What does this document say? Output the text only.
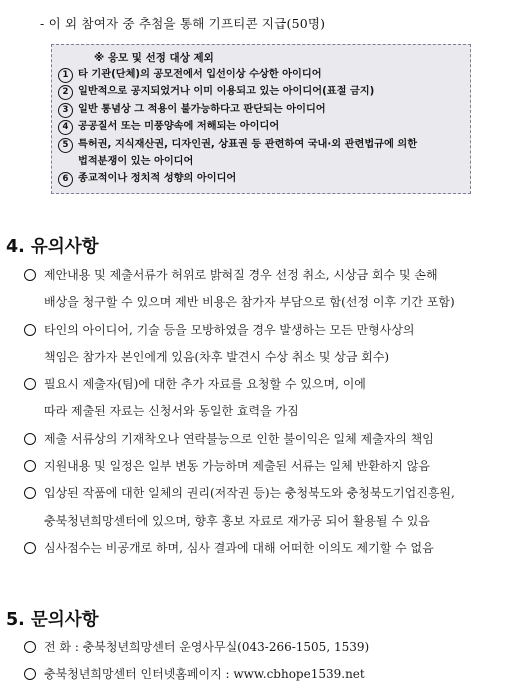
- 이 외 참여자 중 추첨을 통해 기프티콘 지급(50명)
※ 응모 및 선정 대상 제외
1 타 기관(단체)의 공모전에서 입선이상 수상한 아이디어
2 일반적으로 공지되었거나 이미 이용되고 있는 아이디어(표절 금지)
3 일반 통념상 그 적용이 불가능하다고 판단되는 아이디어
4 공공질서 또는 미풍양속에 저해되는 아이디어
5 특허권, 지식재산권, 디자인권, 상표권 등 관련하여 국내·외 관련법규에 의한
법적분쟁이 있는 아이디어
6 종교적이나 정치적 성향의 아이디어
4. 유의사항
제안내용 및 제출서류가 허위로 밝혀질 경우 선정 취소, 시상금 회수 및 손해

배상을 청구할 수 있으며 제반 비용은 참가자 부담으로 함(선정 이후 기간 포함)
타인의 아이디어, 기술 등을 모방하였을 경우 발생하는 모든 만형사상의

책임은 참가자 본인에게 있음(차후 발견시 수상 취소 및 상금 회수)
필요시 제출자(팀)에 대한 추가 자료를 요청할 수 있으며, 이에

따라 제출된 자료는 신청서와 동일한 효력을 가짐
제출 서류상의 기재착오나 연락불능으로 인한 불이익은 일체 제출자의 책임
지원내용 및 일정은 일부 변동 가능하며 제출된 서류는 일체 반환하지 않음
입상된 작품에 대한 일체의 권리(저작권 등)는 충청북도와 충청북도기업진흥원,

충북청년희망센터에 있으며, 향후 홍보 자료로 재가공 되어 활용될 수 있음
심사점수는 비공개로 하며, 심사 결과에 대해 어떠한 이의도 제기할 수 없음
5. 문의사항
전 화 : 충북청년희망센터 운영사무실(043-266-1505, 1539)
충북청년희망센터 인터넷홈페이지 : www.cbhope1539.net
